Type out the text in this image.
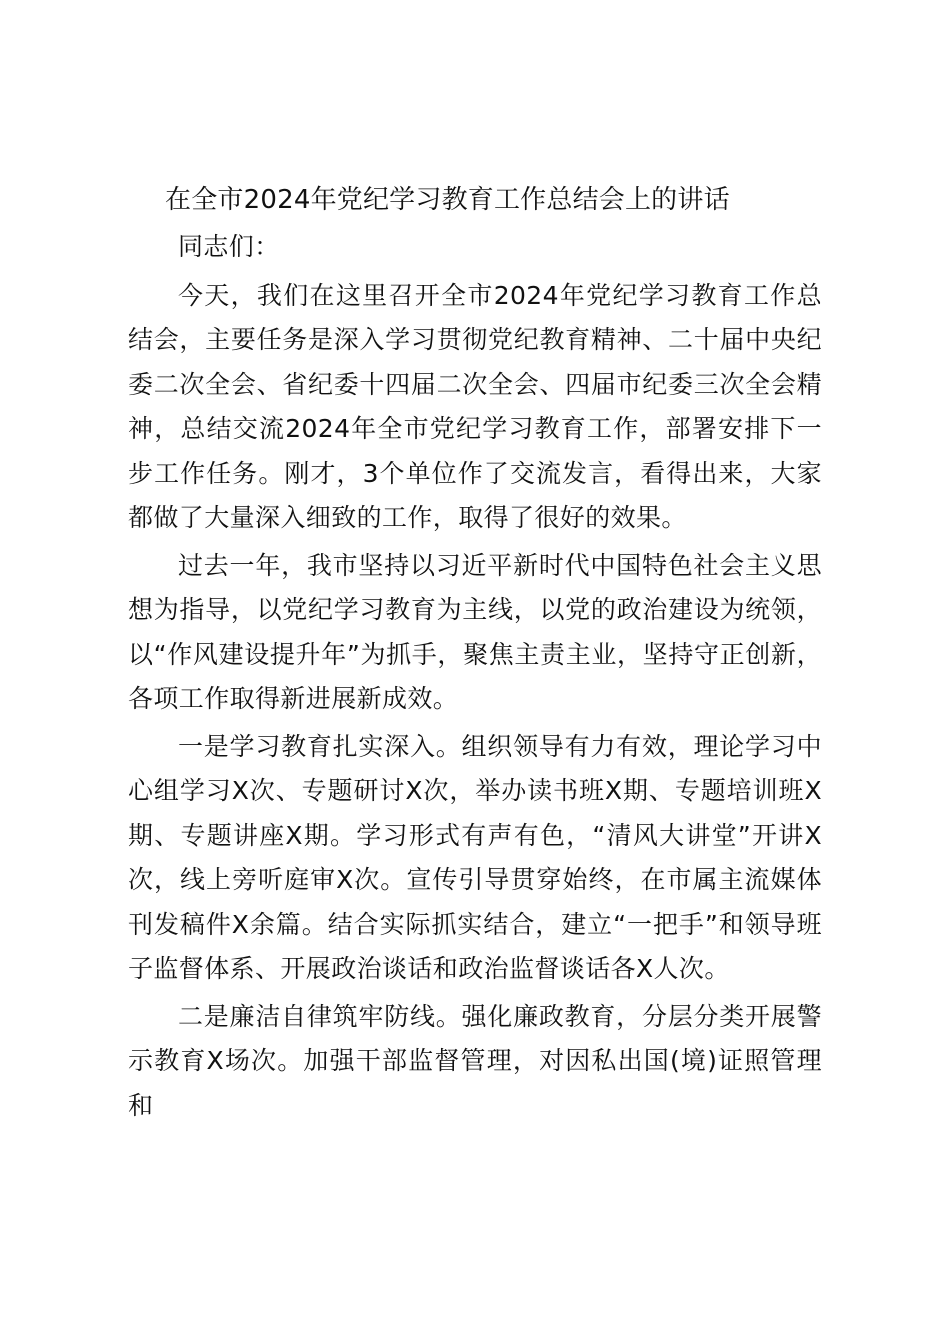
在全市2024年党纪学习教育工作总结会上的讲话

同志们：

今天，我们在这里召开全市2024年党纪学习教育工作总结会，主要任务是深入学习贯彻党纪教育精神、二十届中央纪委二次全会、省纪委十四届二次全会、四届市纪委三次全会精神，总结交流2024年全市党纪学习教育工作，部署安排下一步工作任务。刚才，3个单位作了交流发言，看得出来，大家都做了大量深入细致的工作，取得了很好的效果。

过去一年，我市坚持以习近平新时代中国特色社会主义思想为指导，以党纪学习教育为主线，以党的政治建设为统领，以“作风建设提升年”为抓手，聚焦主责主业，坚持守正创新，各项工作取得新进展新成效。

一是学习教育扎实深入。组织领导有力有效，理论学习中心组学习X次、专题研讨X次，举办读书班X期、专题培训班X期、专题讲座X期。学习形式有声有色，“清风大讲堂”开讲X次，线上旁听庭审X次。宣传引导贯穿始终，在市属主流媒体刊发稿件X余篇。结合实际抓实结合，建立“一把手”和领导班子监督体系、开展政治谈话和政治监督谈话各X人次。

二是廉洁自律筑牢防线。强化廉政教育，分层分类开展警示教育X场次。加强干部监督管理，对因私出国(境)证照管理和
